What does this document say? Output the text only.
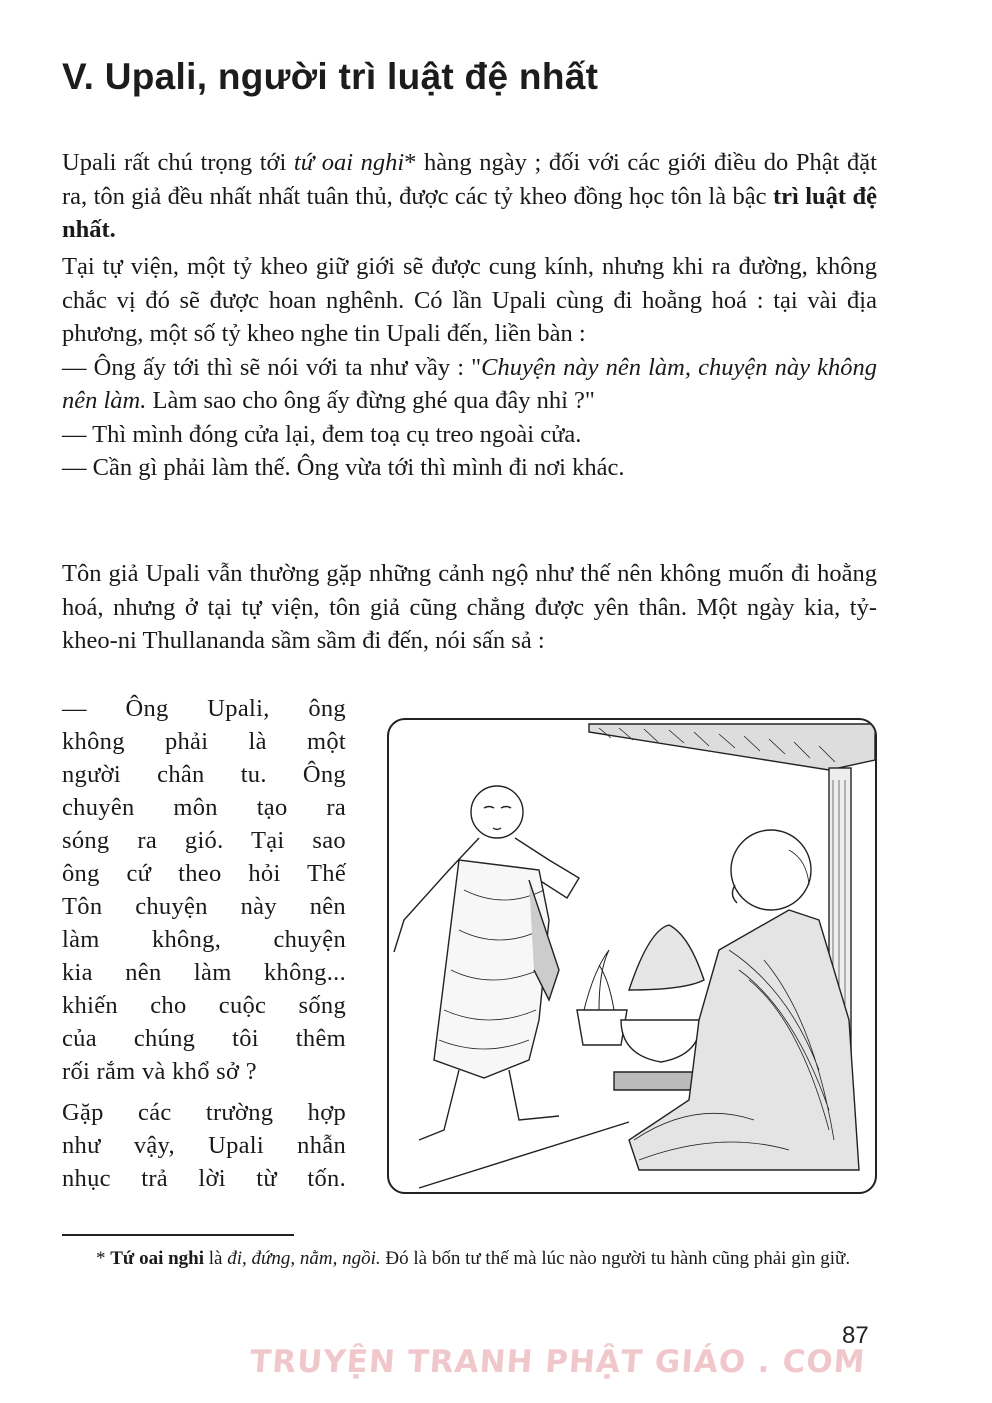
V. Upali, người trì luật đệ nhất

Upali rất chú trọng tới tứ oai nghi* hàng ngày ; đối với các giới điều do Phật đặt ra, tôn giả đều nhất nhất tuân thủ, được các tỷ kheo đồng học tôn là bậc trì luật đệ nhất.

Tại tự viện, một tỷ kheo giữ giới sẽ được cung kính, nhưng khi ra đường, không chắc vị đó sẽ được hoan nghênh. Có lần Upali cùng đi hoằng hoá : tại vài địa phương, một số tỷ kheo nghe tin Upali đến, liền bàn :

— Ông ấy tới thì sẽ nói với ta như vầy : "Chuyện này nên làm, chuyện này không nên làm. Làm sao cho ông ấy đừng ghé qua đây nhỉ ?"

— Thì mình đóng cửa lại, đem toạ cụ treo ngoài cửa.

— Cần gì phải làm thế. Ông vừa tới thì mình đi nơi khác.

Tôn giả Upali vẫn thường gặp những cảnh ngộ như thế nên không muốn đi hoằng hoá, nhưng ở tại tự viện, tôn giả cũng chẳng được yên thân. Một ngày kia, tỷ-kheo-ni Thullananda sầm sầm đi đến, nói sấn sả :

— Ông Upali, ông

không phải là một

người chân tu. Ông

chuyên môn tạo ra

sóng ra gió. Tại sao

ông cứ theo hỏi Thế

Tôn chuyện này nên

làm không, chuyện

kia nên làm không...

khiến cho cuộc sống

của chúng tôi thêm

rối rắm và khổ sở ?

Gặp các trường hợp

như vậy, Upali nhẫn

nhục trả lời từ tốn.

* Tứ oai nghi là đi, đứng, nằm, ngồi. Đó là bốn tư thế mà lúc nào người tu hành cũng phải gìn giữ.
87
TRUYỆN TRANH PHẬT GIÁO . COM
